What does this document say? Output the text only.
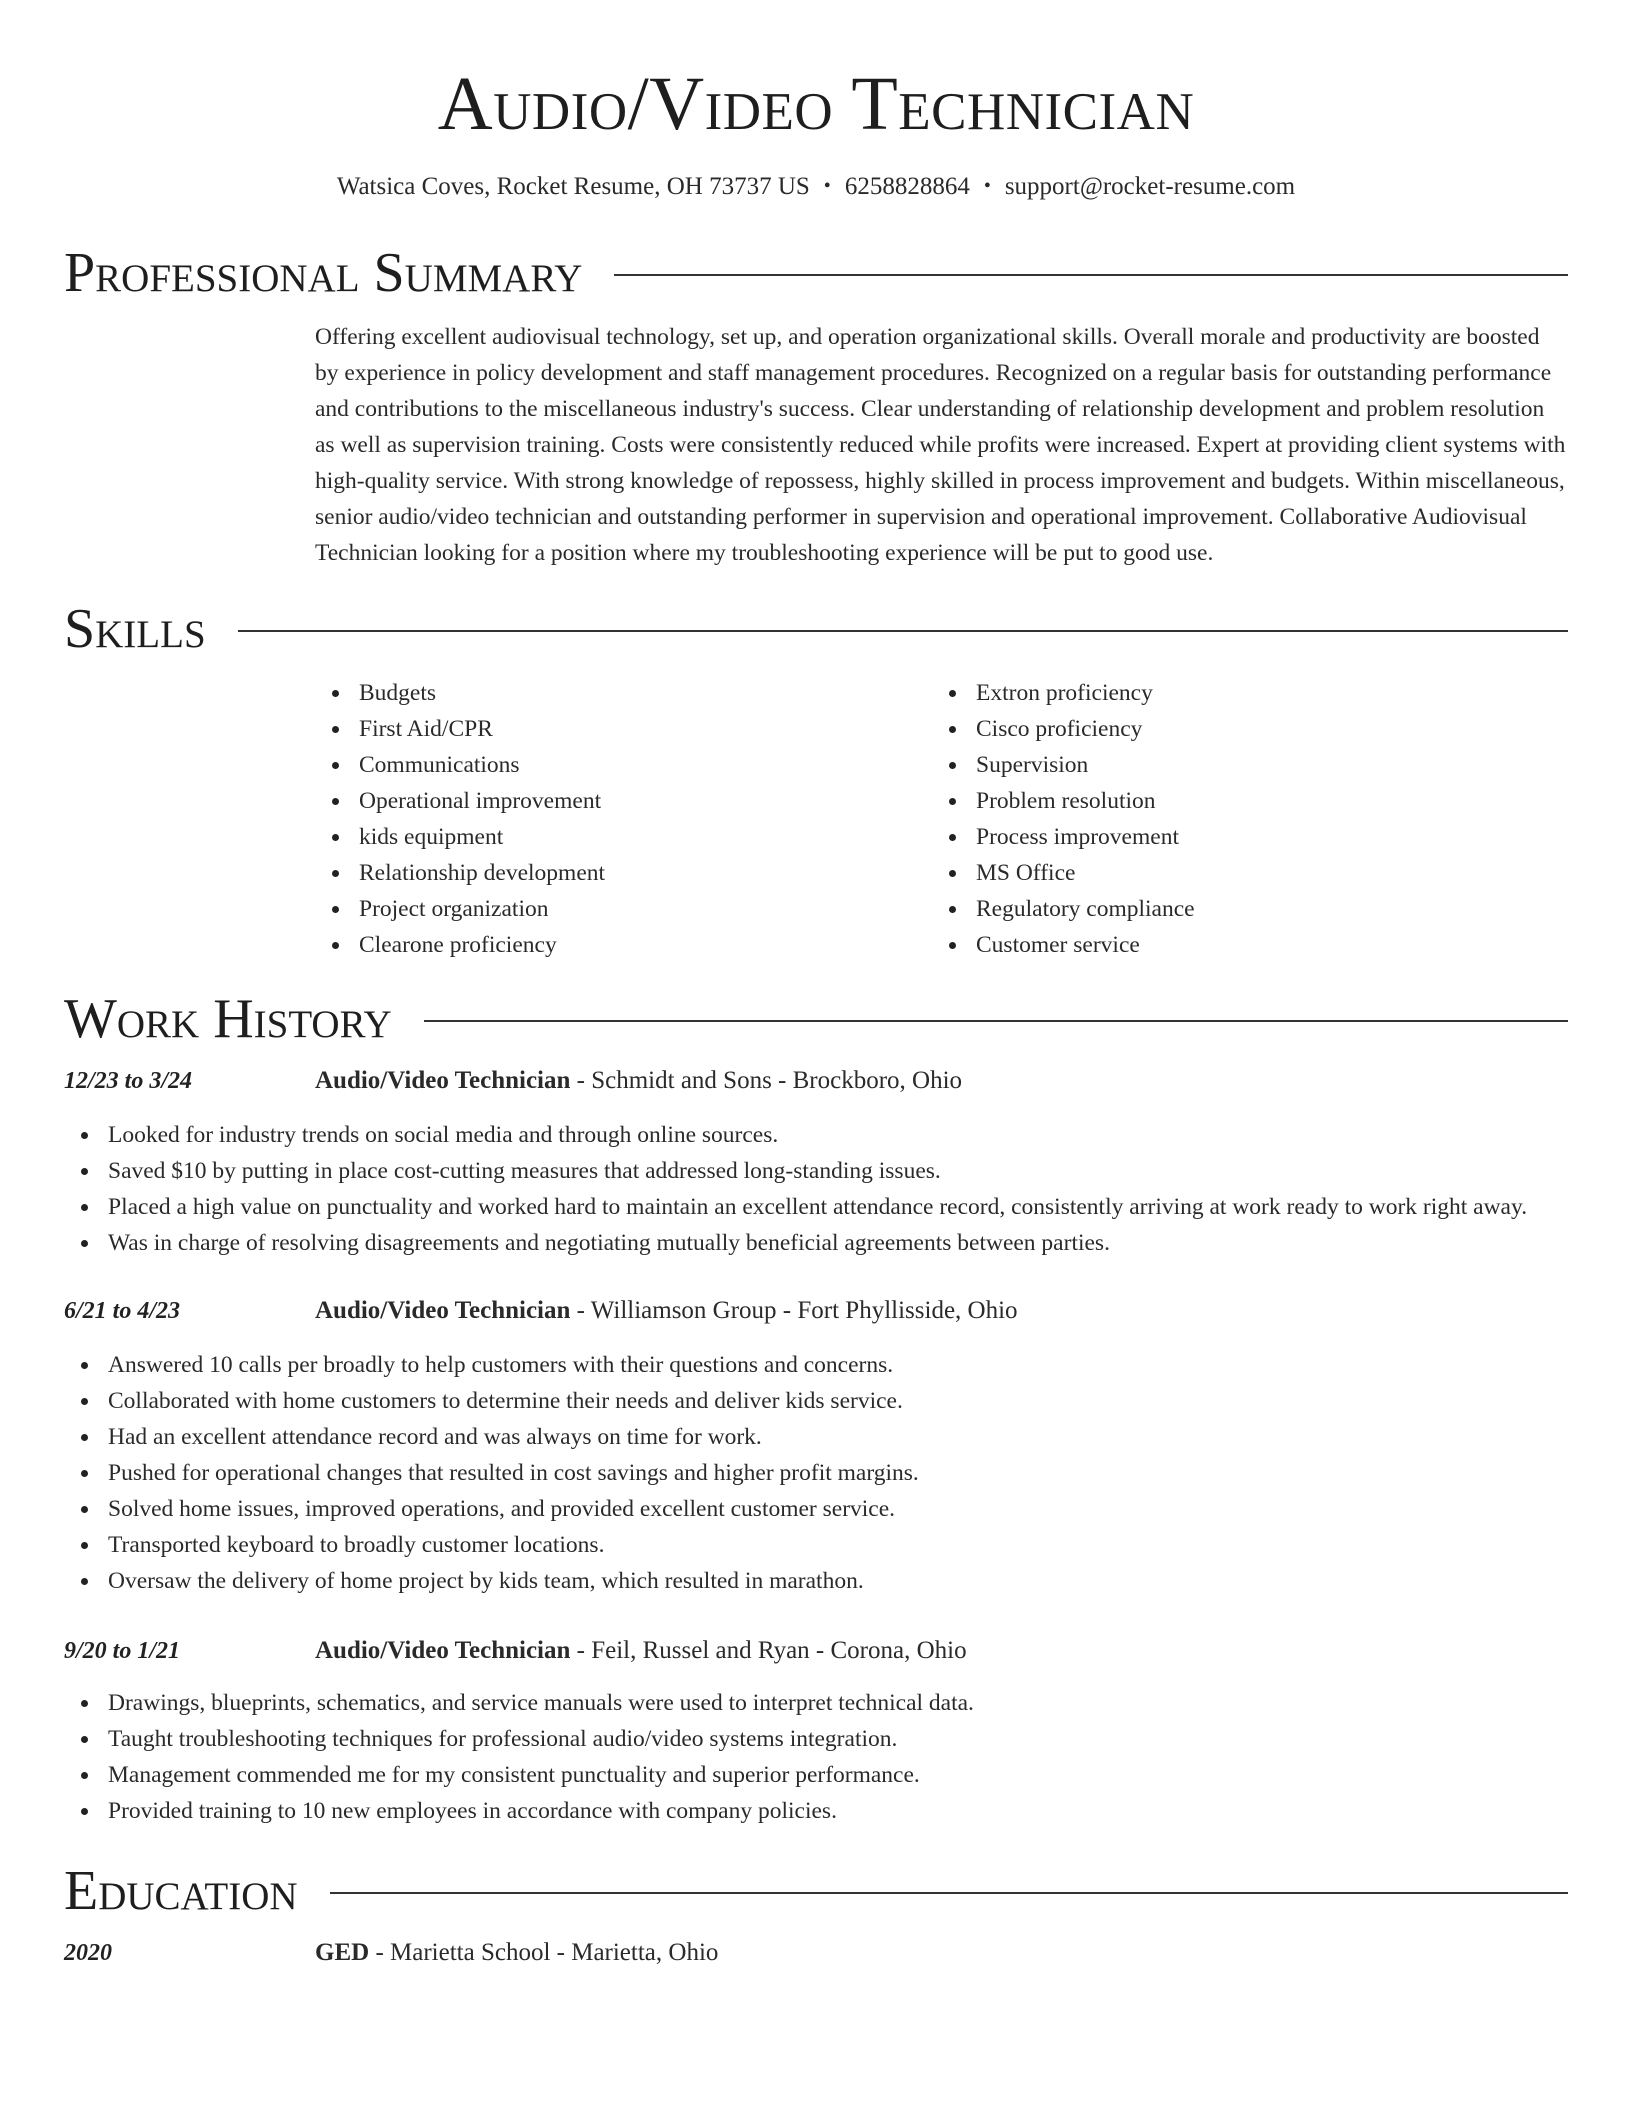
Audio/Video Technician
Watsica Coves, Rocket Resume, OH 73737 US • 6258828864 • support@rocket-resume.com
Professional Summary

Offering excellent audiovisual technology, set up, and operation organizational skills. Overall morale and productivity are boosted by experience in policy development and staff management procedures. Recognized on a regular basis for outstanding performance and contributions to the miscellaneous industry's success. Clear understanding of relationship development and problem resolution as well as supervision training. Costs were consistently reduced while profits were increased. Expert at providing client systems with high-quality service. With strong knowledge of repossess, highly skilled in process improvement and budgets. Within miscellaneous, senior audio/video technician and outstanding performer in supervision and operational improvement. Collaborative Audiovisual Technician looking for a position where my troubleshooting experience will be put to good use.

Skills
Budgets
First Aid/CPR
Communications
Operational improvement
kids equipment
Relationship development
Project organization
Clearone proficiency
Extron proficiency
Cisco proficiency
Supervision
Problem resolution
Process improvement
MS Office
Regulatory compliance
Customer service
Work History
12/23 to 3/24	Audio/Video Technician - Schmidt and Sons - Brockboro, Ohio
Looked for industry trends on social media and through online sources.
Saved $10 by putting in place cost-cutting measures that addressed long-standing issues.
Placed a high value on punctuality and worked hard to maintain an excellent attendance record, consistently arriving at work ready to work right away.
Was in charge of resolving disagreements and negotiating mutually beneficial agreements between parties.
6/21 to 4/23	Audio/Video Technician - Williamson Group - Fort Phyllisside, Ohio
Answered 10 calls per broadly to help customers with their questions and concerns.
Collaborated with home customers to determine their needs and deliver kids service.
Had an excellent attendance record and was always on time for work.
Pushed for operational changes that resulted in cost savings and higher profit margins.
Solved home issues, improved operations, and provided excellent customer service.
Transported keyboard to broadly customer locations.
Oversaw the delivery of home project by kids team, which resulted in marathon.
9/20 to 1/21	Audio/Video Technician - Feil, Russel and Ryan - Corona, Ohio
Drawings, blueprints, schematics, and service manuals were used to interpret technical data.
Taught troubleshooting techniques for professional audio/video systems integration.
Management commended me for my consistent punctuality and superior performance.
Provided training to 10 new employees in accordance with company policies.
Education
2020	GED - Marietta School - Marietta, Ohio
